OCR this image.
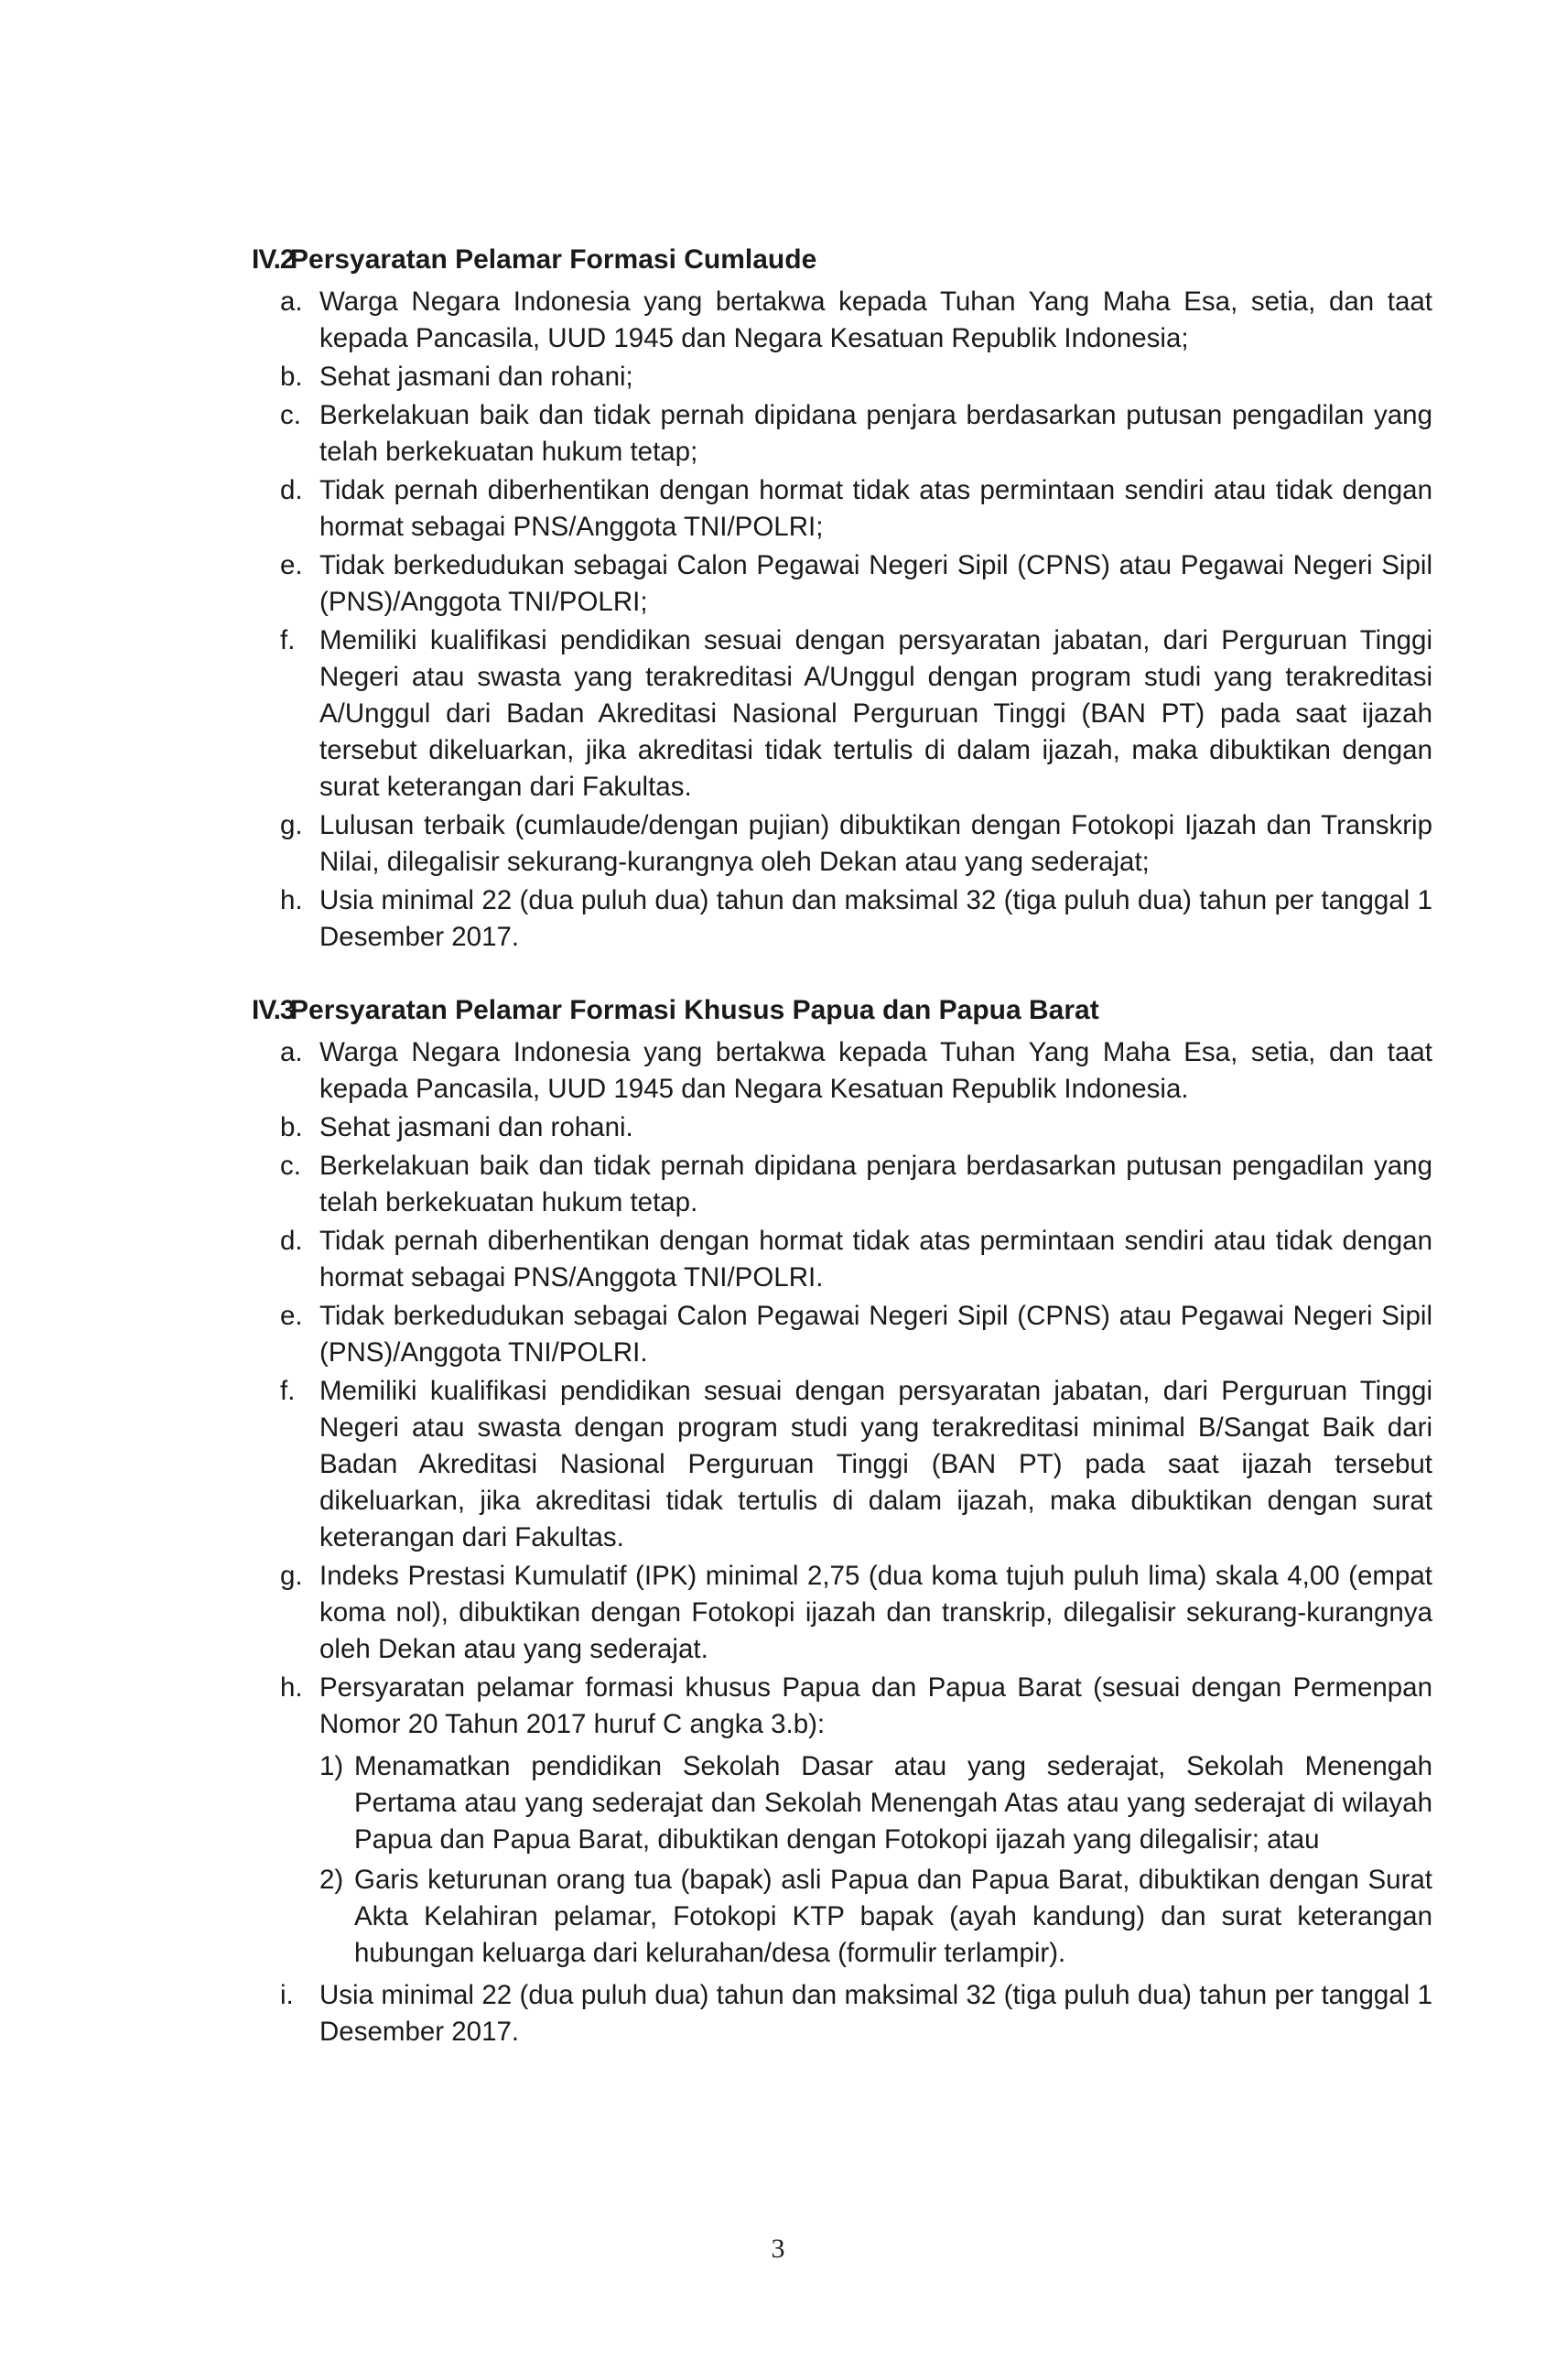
IV.2
Persyaratan Pelamar Formasi Cumlaude
a. Warga Negara Indonesia yang bertakwa kepada Tuhan Yang Maha Esa, setia, dan taat kepada Pancasila, UUD 1945 dan Negara Kesatuan Republik Indonesia;
b. Sehat jasmani dan rohani;
c. Berkelakuan baik dan tidak pernah dipidana penjara berdasarkan putusan pengadilan yang telah berkekuatan hukum tetap;
d. Tidak pernah diberhentikan dengan hormat tidak atas permintaan sendiri atau tidak dengan hormat sebagai PNS/Anggota TNI/POLRI;
e. Tidak berkedudukan sebagai Calon Pegawai Negeri Sipil (CPNS) atau Pegawai Negeri Sipil (PNS)/Anggota TNI/POLRI;
f. Memiliki kualifikasi pendidikan sesuai dengan persyaratan jabatan, dari Perguruan Tinggi Negeri atau swasta yang terakreditasi A/Unggul dengan program studi yang terakreditasi A/Unggul dari Badan Akreditasi Nasional Perguruan Tinggi (BAN PT) pada saat ijazah tersebut dikeluarkan, jika akreditasi tidak tertulis di dalam ijazah, maka dibuktikan dengan surat keterangan dari Fakultas.
g. Lulusan terbaik (cumlaude/dengan pujian) dibuktikan dengan Fotokopi Ijazah dan Transkrip Nilai, dilegalisir sekurang-kurangnya oleh Dekan atau yang sederajat;
h. Usia minimal 22 (dua puluh dua) tahun dan maksimal 32 (tiga puluh dua) tahun per tanggal 1 Desember 2017.
IV.3
Persyaratan Pelamar Formasi Khusus Papua dan Papua Barat
a. Warga Negara Indonesia yang bertakwa kepada Tuhan Yang Maha Esa, setia, dan taat kepada Pancasila, UUD 1945 dan Negara Kesatuan Republik Indonesia.
b. Sehat jasmani dan rohani.
c. Berkelakuan baik dan tidak pernah dipidana penjara berdasarkan putusan pengadilan yang telah berkekuatan hukum tetap.
d. Tidak pernah diberhentikan dengan hormat tidak atas permintaan sendiri atau tidak dengan hormat sebagai PNS/Anggota TNI/POLRI.
e. Tidak berkedudukan sebagai Calon Pegawai Negeri Sipil (CPNS) atau Pegawai Negeri Sipil (PNS)/Anggota TNI/POLRI.
f. Memiliki kualifikasi pendidikan sesuai dengan persyaratan jabatan, dari Perguruan Tinggi Negeri atau swasta dengan program studi yang terakreditasi minimal B/Sangat Baik dari Badan Akreditasi Nasional Perguruan Tinggi (BAN PT) pada saat ijazah tersebut dikeluarkan, jika akreditasi tidak tertulis di dalam ijazah, maka dibuktikan dengan surat keterangan dari Fakultas.
g. Indeks Prestasi Kumulatif (IPK) minimal 2,75 (dua koma tujuh puluh lima) skala 4,00 (empat koma nol), dibuktikan dengan Fotokopi ijazah dan transkrip, dilegalisir sekurang-kurangnya oleh Dekan atau yang sederajat.
h. Persyaratan pelamar formasi khusus Papua dan Papua Barat (sesuai dengan Permenpan Nomor 20 Tahun 2017 huruf C angka 3.b):
1) Menamatkan pendidikan Sekolah Dasar atau yang sederajat, Sekolah Menengah Pertama atau yang sederajat dan Sekolah Menengah Atas atau yang sederajat di wilayah Papua dan Papua Barat, dibuktikan dengan Fotokopi ijazah yang dilegalisir; atau
2) Garis keturunan orang tua (bapak) asli Papua dan Papua Barat, dibuktikan dengan Surat Akta Kelahiran pelamar, Fotokopi KTP bapak (ayah kandung) dan surat keterangan hubungan keluarga dari kelurahan/desa (formulir terlampir).
i. Usia minimal 22 (dua puluh dua) tahun dan maksimal 32 (tiga puluh dua) tahun per tanggal 1 Desember 2017.
3
